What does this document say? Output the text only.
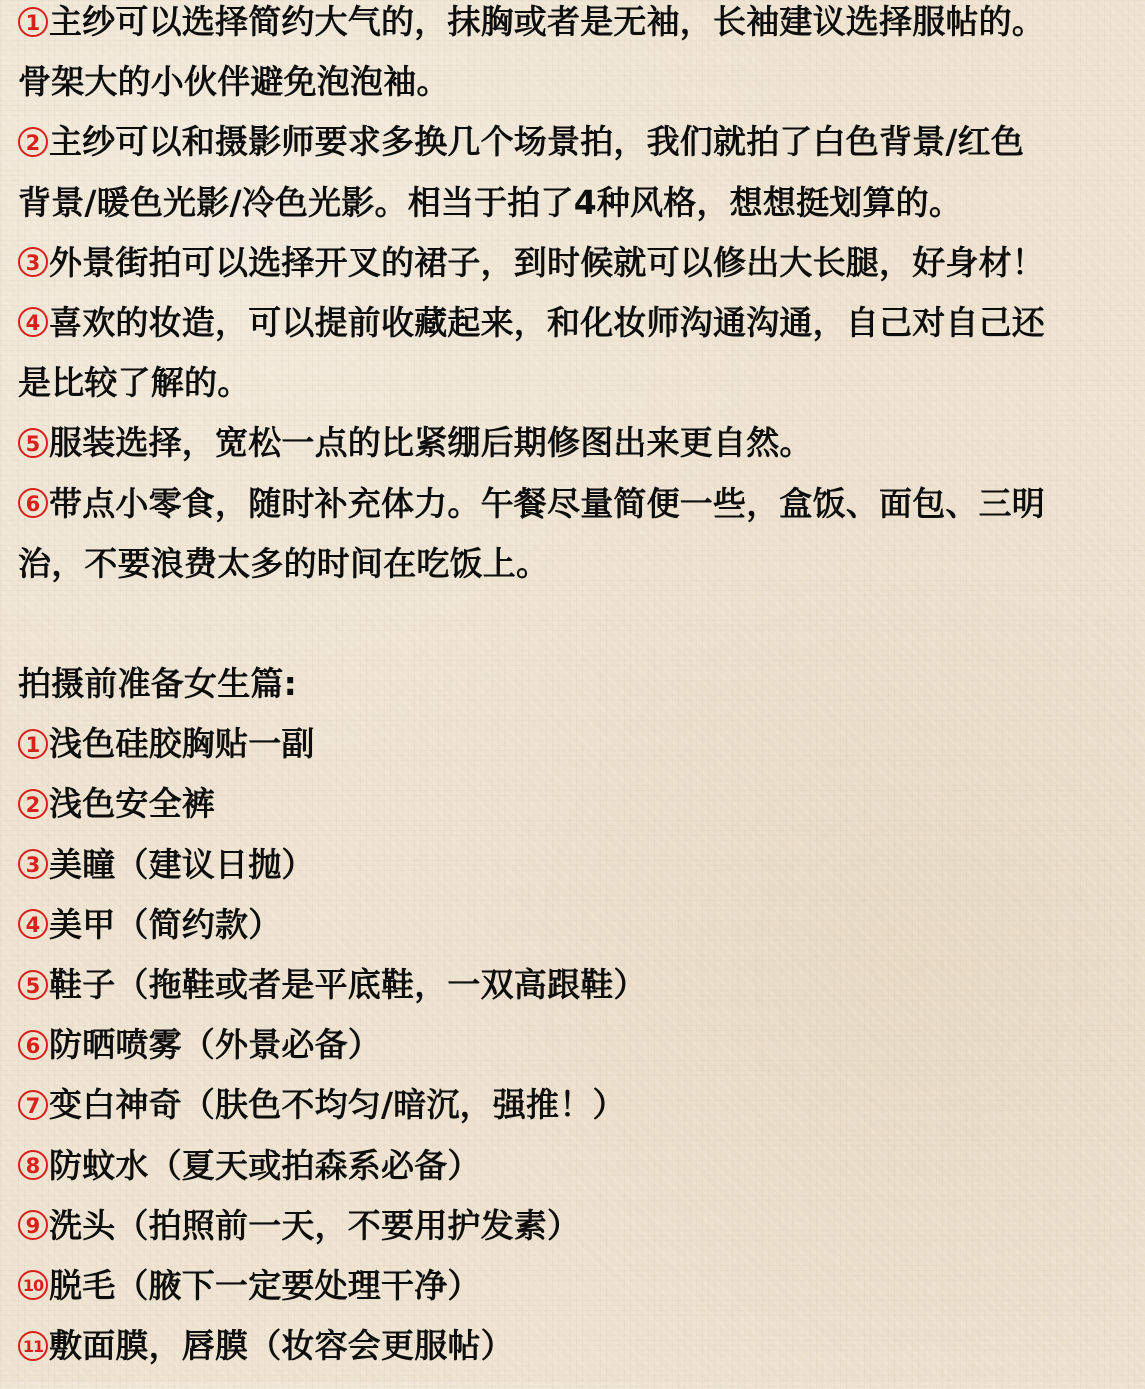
1 主纱可以选择简约大气的，抹胸或者是无袖，长袖建议选择服帖的。
骨架大的小伙伴避免泡泡袖。
2 主纱可以和摄影师要求多换几个场景拍，我们就拍了白色背景/红色
背景/暖色光影/冷色光影。相当于拍了4种风格，想想挺划算的。
3 外景街拍可以选择开叉的裙子，到时候就可以修出大长腿，好身材！
4 喜欢的妆造，可以提前收藏起来，和化妆师沟通沟通，自己对自己还
是比较了解的。
5 服装选择，宽松一点的比紧绷后期修图出来更自然。
6 带点小零食，随时补充体力。午餐尽量简便一些，盒饭、面包、三明
治，不要浪费太多的时间在吃饭上。
拍摄前准备女生篇:
1 浅色硅胶胸贴一副
2 浅色安全裤
3 美瞳（建议日抛）
4 美甲（简约款）
5 鞋子（拖鞋或者是平底鞋，一双高跟鞋）
6 防晒喷雾（外景必备）
7 变白神奇（肤色不均匀/暗沉，强推！）
8 防蚊水（夏天或拍森系必备）
9 洗头（拍照前一天，不要用护发素）
10 脱毛（腋下一定要处理干净）
11 敷面膜，唇膜（妆容会更服帖）
